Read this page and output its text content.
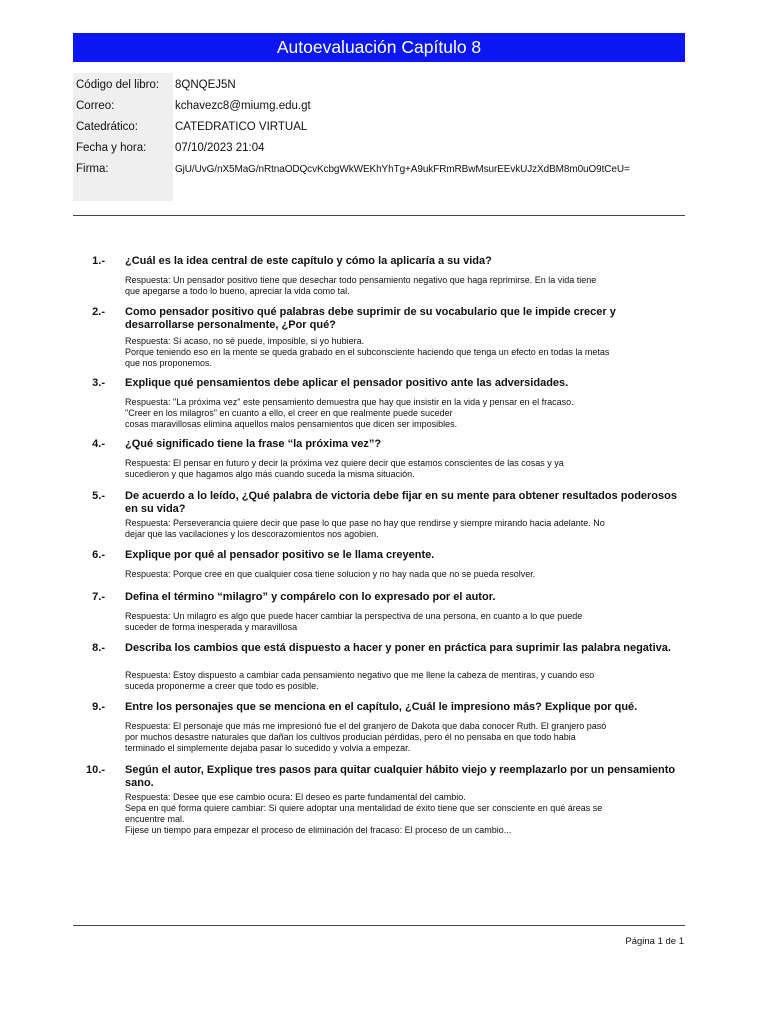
Autoevaluación Capítulo 8
Código del libro:
Correo:
Catedrático:
Fecha y hora:
Firma:
8QNQEJ5N
kchavezc8@miumg.edu.gt
CATEDRATICO VIRTUAL
07/10/2023 21:04
GjU/UvG/nX5MaG/nRtnaODQcvKcbgWkWEKhYhTg+A9ukFRmRBwMsurEEvkUJzXdBM8m0uO9tCeU=
1.- ¿Cuál es la idea central de este capítulo y cómo la aplicaría a su vida?
Respuesta: Un pensador positivo tiene que desechar todo pensamiento negativo que haga reprimirse. En la vida tiene
que apegarse a todo lo bueno, apreciar la vida como tal.
2.- Como pensador positivo qué palabras debe suprimir de su vocabulario que le impide crecer y desarrollarse personalmente, ¿Por qué?
Respuesta: Sí acaso, no sé puede, imposible, si yo hubiera.
Porque teniendo eso en la mente se queda grabado en el subconsciente haciendo que tenga un efecto en todas la metas
que nos proponemos.
3.- Explique qué pensamientos debe aplicar el pensador positivo ante las adversidades.
Respuesta: "La próxima vez" este pensamiento demuestra que hay que insistir en la vida y pensar en el fracaso.
"Creer en los milagros" en cuanto a ello, el creer en que realmente puede suceder
cosas maravillosas elimina aquellos malos pensamientos que dicen ser imposibles.
4.- ¿Qué significado tiene la frase “la próxima vez”?
Respuesta: El pensar en futuro y decir la próxima vez quiere decir que estamos conscientes de las cosas y ya
sucedieron y que hagamos algo más cuando suceda la misma situación.
5.- De acuerdo a lo leído, ¿Qué palabra de victoria debe fijar en su mente para obtener resultados poderosos en su vida?
Respuesta: Perseverancia quiere decir que pase lo que pase no hay que rendirse y siempre mirando hacia adelante. No
dejar que las vacilaciones y los descorazomientos nos agobien.
6.- Explique por qué al pensador positivo se le llama creyente.
Respuesta: Porque cree en que cualquier cosa tiene solucion y no hay nada que no se pueda resolver.
7.- Defina el término “milagro” y compárelo con lo expresado por el autor.
Respuesta: Un milagro es algo que puede hacer cambiar la perspectiva de una persona, en cuanto a lo que puede
suceder de forma inesperada y maravillosa
8.- Describa los cambios que está dispuesto a hacer y poner en práctica para suprimir las palabra negativa.
Respuesta: Estoy dispuesto a cambiar cada pensamiento negativo que me llene la cabeza de mentiras, y cuando eso
suceda proponerme a creer que todo es posible.
9.- Entre los personajes que se menciona en el capítulo, ¿Cuál le impresiono más? Explique por qué.
Respuesta: El personaje que más me impresionó fue el del granjero de Dakota que daba conocer Ruth. El granjero pasó
por muchos desastre naturales que dañan los cultivos producian pérdidas, pero él no pensaba en que todo habia
terminado el simplemente dejaba pasar lo sucedido y volvia a empezar.
10.- Según el autor, Explique tres pasos para quitar cualquier hábito viejo y reemplazarlo por un pensamiento sano.
Respuesta: Desee que ese cambio ocura: El deseo es parte fundamental del cambio.
Sepa en qué forma quiere cambiar: Si quiere adoptar una mentalidad de éxito tiene que ser consciente en qué áreas se
encuentre mal.
Fijese un tiempo para empezar el proceso de eliminación del fracaso: El proceso de un cambio...
Página 1 de 1
